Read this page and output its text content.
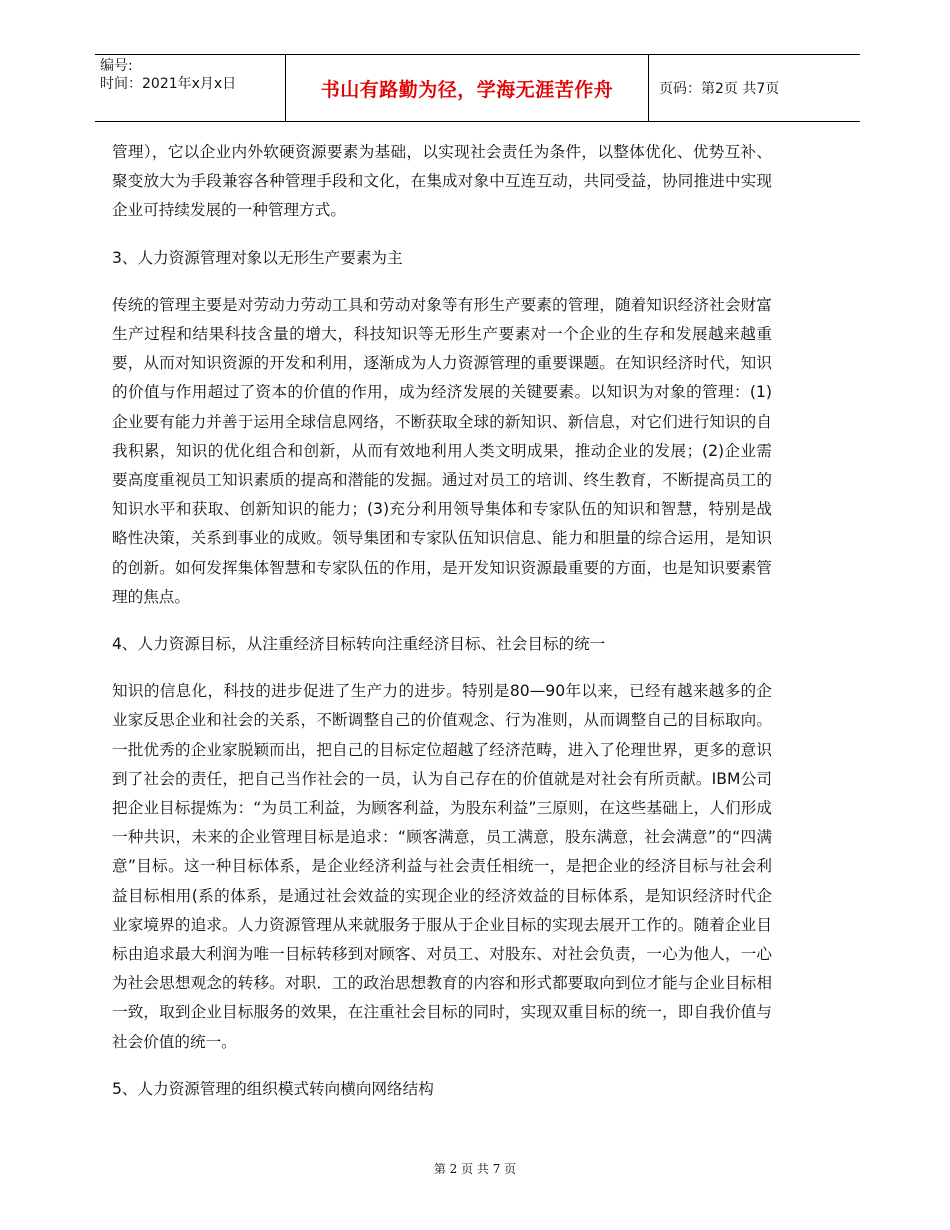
编号:
时间：2021年x月x日	书山有路勤为径，学海无涯苦作舟	页码：第2页 共7页

管理），它以企业内外软硬资源要素为基础，以实现社会责任为条件，以整体优化、优势互补、聚变放大为手段兼容各种管理手段和文化，在集成对象中互连互动，共同受益，协同推进中实现企业可持续发展的一种管理方式。

3、人力资源管理对象以无形生产要素为主

传统的管理主要是对劳动力劳动工具和劳动对象等有形生产要素的管理，随着知识经济社会财富生产过程和结果科技含量的增大，科技知识等无形生产要素对一个企业的生存和发展越来越重要，从而对知识资源的开发和利用，逐渐成为人力资源管理的重要课题。在知识经济时代，知识的价值与作用超过了资本的价值的作用，成为经济发展的关键要素。以知识为对象的管理：(1)企业要有能力并善于运用全球信息网络，不断获取全球的新知识、新信息，对它们进行知识的自我积累，知识的优化组合和创新，从而有效地利用人类文明成果，推动企业的发展；(2)企业需要高度重视员工知识素质的提高和潜能的发掘。通过对员工的培训、终生教育，不断提高员工的知识水平和获取、创新知识的能力；(3)充分利用领导集体和专家队伍的知识和智慧，特别是战略性决策，关系到事业的成败。领导集团和专家队伍知识信息、能力和胆量的综合运用，是知识的创新。如何发挥集体智慧和专家队伍的作用，是开发知识资源最重要的方面，也是知识要素管理的焦点。

4、人力资源目标，从注重经济目标转向注重经济目标、社会目标的统一

知识的信息化，科技的进步促进了生产力的进步。特别是80—90年以来，已经有越来越多的企业家反思企业和社会的关系，不断调整自己的价值观念、行为准则，从而调整自己的目标取向。一批优秀的企业家脱颖而出，把自己的目标定位超越了经济范畴，进入了伦理世界，更多的意识到了社会的责任，把自己当作社会的一员，认为自己存在的价值就是对社会有所贡献。IBM公司把企业目标提炼为：“为员工利益，为顾客利益，为股东利益”三原则，在这些基础上，人们形成一种共识，未来的企业管理目标是追求：“顾客满意，员工满意，股东满意，社会满意”的“四满意”目标。这一种目标体系，是企业经济利益与社会责任相统一，是把企业的经济目标与社会利益目标相用(系的体系，是通过社会效益的实现企业的经济效益的目标体系，是知识经济时代企业家境界的追求。人力资源管理从来就服务于服从于企业目标的实现去展开工作的。随着企业目标由追求最大利润为唯一目标转移到对顾客、对员工、对股东、对社会负责，一心为他人，一心为社会思想观念的转移。对职．工的政治思想教育的内容和形式都要取向到位才能与企业目标相一致，取到企业目标服务的效果，在注重社会目标的同时，实现双重目标的统一，即自我价值与社会价值的统一。

5、人力资源管理的组织模式转向横向网络结构

第 2 页 共 7 页
